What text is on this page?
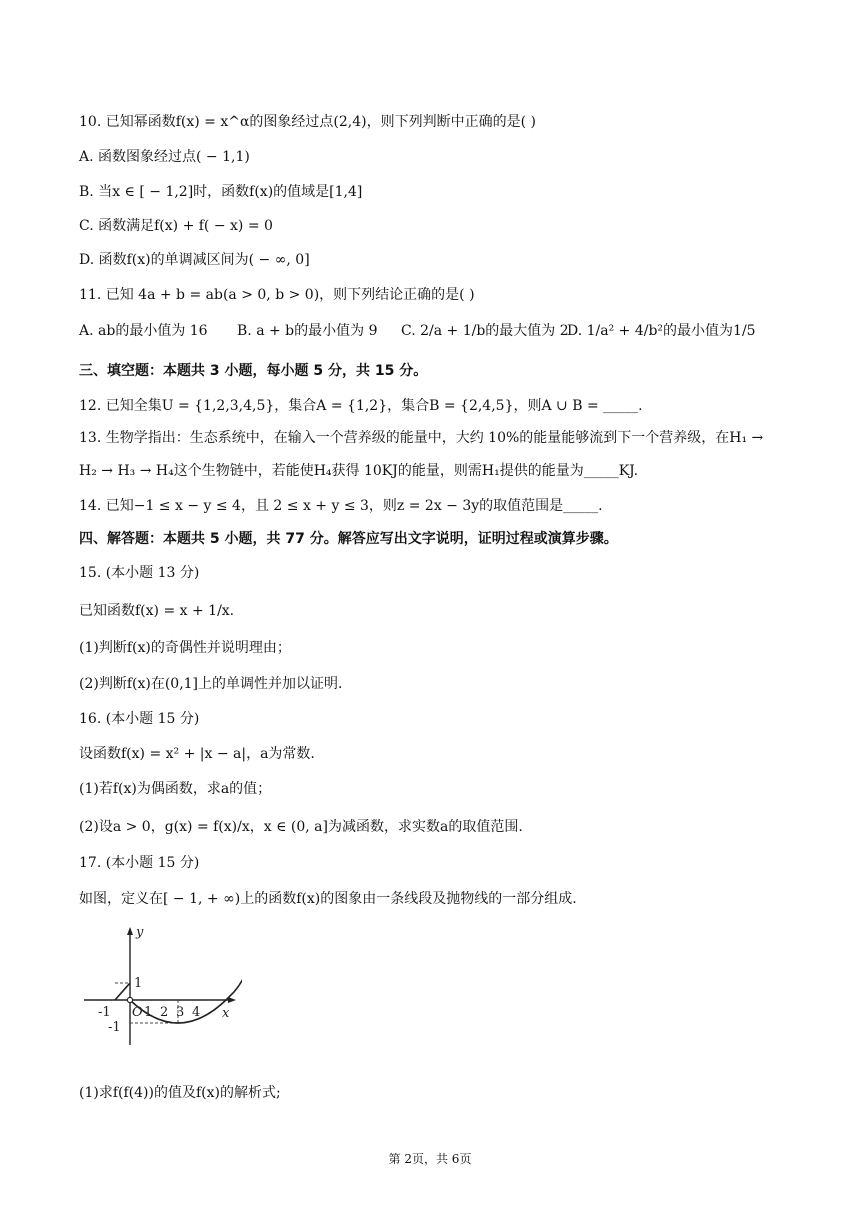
10. 已知幂函数f(x) = x^α的图象经过点(2,4)，则下列判断中正确的是( )
A. 函数图象经过点( − 1,1)
B. 当x ∈ [ − 1,2]时，函数f(x)的值域是[1,4]
C. 函数满足f(x) + f( − x) = 0
D. 函数f(x)的单调减区间为( − ∞, 0]
11. 已知 4a + b = ab(a > 0, b > 0)，则下列结论正确的是( )
三、填空题：本题共 3 小题，每小题 5 分，共 15 分。
12. 已知全集U = {1,2,3,4,5}，集合A = {1,2}，集合B = {2,4,5}，则A ∪ B = _____.
13. 生物学指出：生态系统中，在输入一个营养级的能量中，大约 10%的能量能够流到下一个营养级，在H₁ →
H₂ → H₃ → H₄这个生物链中，若能使H₄获得 10KJ的能量，则需H₁提供的能量为_____KJ.
14. 已知−1 ≤ x − y ≤ 4，且 2 ≤ x + y ≤ 3，则z = 2x − 3y的取值范围是_____.
四、解答题：本题共 5 小题，共 77 分。解答应写出文字说明，证明过程或演算步骤。
15. (本小题 13 分)
已知函数f(x) = x + 1/x.
(1)判断f(x)的奇偶性并说明理由；
(2)判断f(x)在(0,1]上的单调性并加以证明.
16. (本小题 15 分)
设函数f(x) = x² + |x − a|，a为常数.
(1)若f(x)为偶函数，求a的值；
(2)设a > 0，g(x) = f(x)/x，x ∈ (0, a]为减函数，求实数a的取值范围.
17. (本小题 15 分)
如图，定义在[ − 1, + ∞)上的函数f(x)的图象由一条线段及抛物线的一部分组成.
(1)求f(f(4))的值及f(x)的解析式;
A. ab的最小值为 16 B. a + b的最小值为 9 C. 2/a + 1/b的最大值为 2
D. 1/a² + 4/b²的最小值为1/5
y
x
O
1
-1
-1	1 2 3 4
第 2页，共 6页
